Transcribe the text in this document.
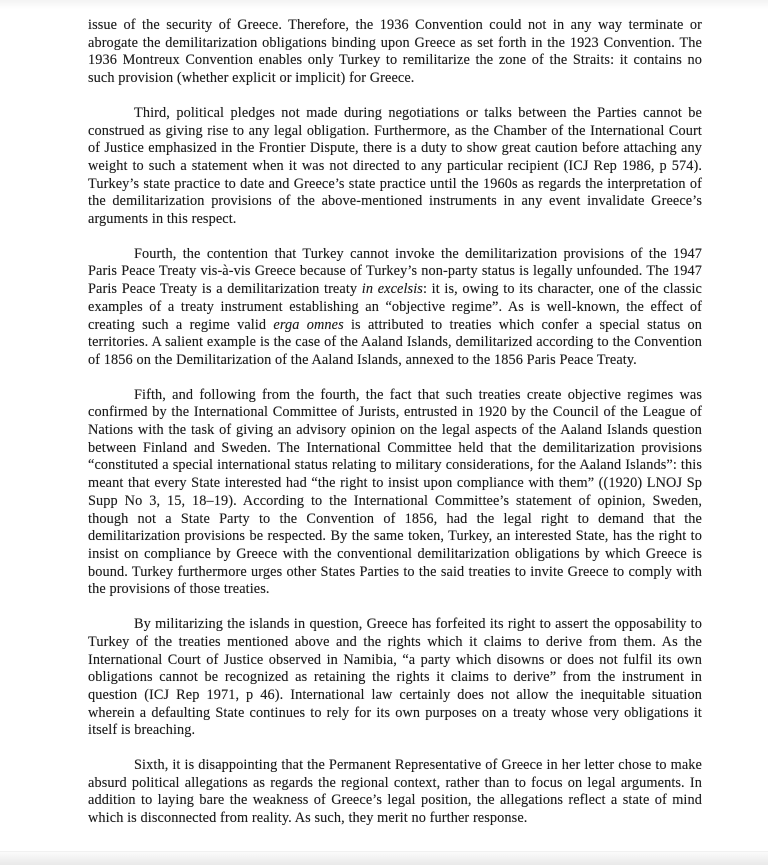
issue of the security of Greece. Therefore, the 1936 Convention could not in any way terminate or abrogate the demilitarization obligations binding upon Greece as set forth in the 1923 Convention. The 1936 Montreux Convention enables only Turkey to remilitarize the zone of the Straits: it contains no such provision (whether explicit or implicit) for Greece.

Third, political pledges not made during negotiations or talks between the Parties cannot be construed as giving rise to any legal obligation. Furthermore, as the Chamber of the International Court of Justice emphasized in the Frontier Dispute, there is a duty to show great caution before attaching any weight to such a statement when it was not directed to any particular recipient (ICJ Rep 1986, p 574). Turkey’s state practice to date and Greece’s state practice until the 1960s as regards the interpretation of the demilitarization provisions of the above-mentioned instruments in any event invalidate Greece’s arguments in this respect.

Fourth, the contention that Turkey cannot invoke the demilitarization provisions of the 1947 Paris Peace Treaty vis-à-vis Greece because of Turkey’s non-party status is legally unfounded. The 1947 Paris Peace Treaty is a demilitarization treaty in excelsis: it is, owing to its character, one of the classic examples of a treaty instrument establishing an “objective regime”. As is well-known, the effect of creating such a regime valid erga omnes is attributed to treaties which confer a special status on territories. A salient example is the case of the Aaland Islands, demilitarized according to the Convention of 1856 on the Demilitarization of the Aaland Islands, annexed to the 1856 Paris Peace Treaty.

Fifth, and following from the fourth, the fact that such treaties create objective regimes was confirmed by the International Committee of Jurists, entrusted in 1920 by the Council of the League of Nations with the task of giving an advisory opinion on the legal aspects of the Aaland Islands question between Finland and Sweden. The International Committee held that the demilitarization provisions “constituted a special international status relating to military considerations, for the Aaland Islands”: this meant that every State interested had “the right to insist upon compliance with them” ((1920) LNOJ Sp Supp No 3, 15, 18–19). According to the International Committee’s statement of opinion, Sweden, though not a State Party to the Convention of 1856, had the legal right to demand that the demilitarization provisions be respected. By the same token, Turkey, an interested State, has the right to insist on compliance by Greece with the conventional demilitarization obligations by which Greece is bound. Turkey furthermore urges other States Parties to the said treaties to invite Greece to comply with the provisions of those treaties.

By militarizing the islands in question, Greece has forfeited its right to assert the opposability to Turkey of the treaties mentioned above and the rights which it claims to derive from them. As the International Court of Justice observed in Namibia, “a party which disowns or does not fulfil its own obligations cannot be recognized as retaining the rights it claims to derive” from the instrument in question (ICJ Rep 1971, p 46). International law certainly does not allow the inequitable situation wherein a defaulting State continues to rely for its own purposes on a treaty whose very obligations it itself is breaching.

Sixth, it is disappointing that the Permanent Representative of Greece in her letter chose to make absurd political allegations as regards the regional context, rather than to focus on legal arguments. In addition to laying bare the weakness of Greece’s legal position, the allegations reflect a state of mind which is disconnected from reality. As such, they merit no further response.
